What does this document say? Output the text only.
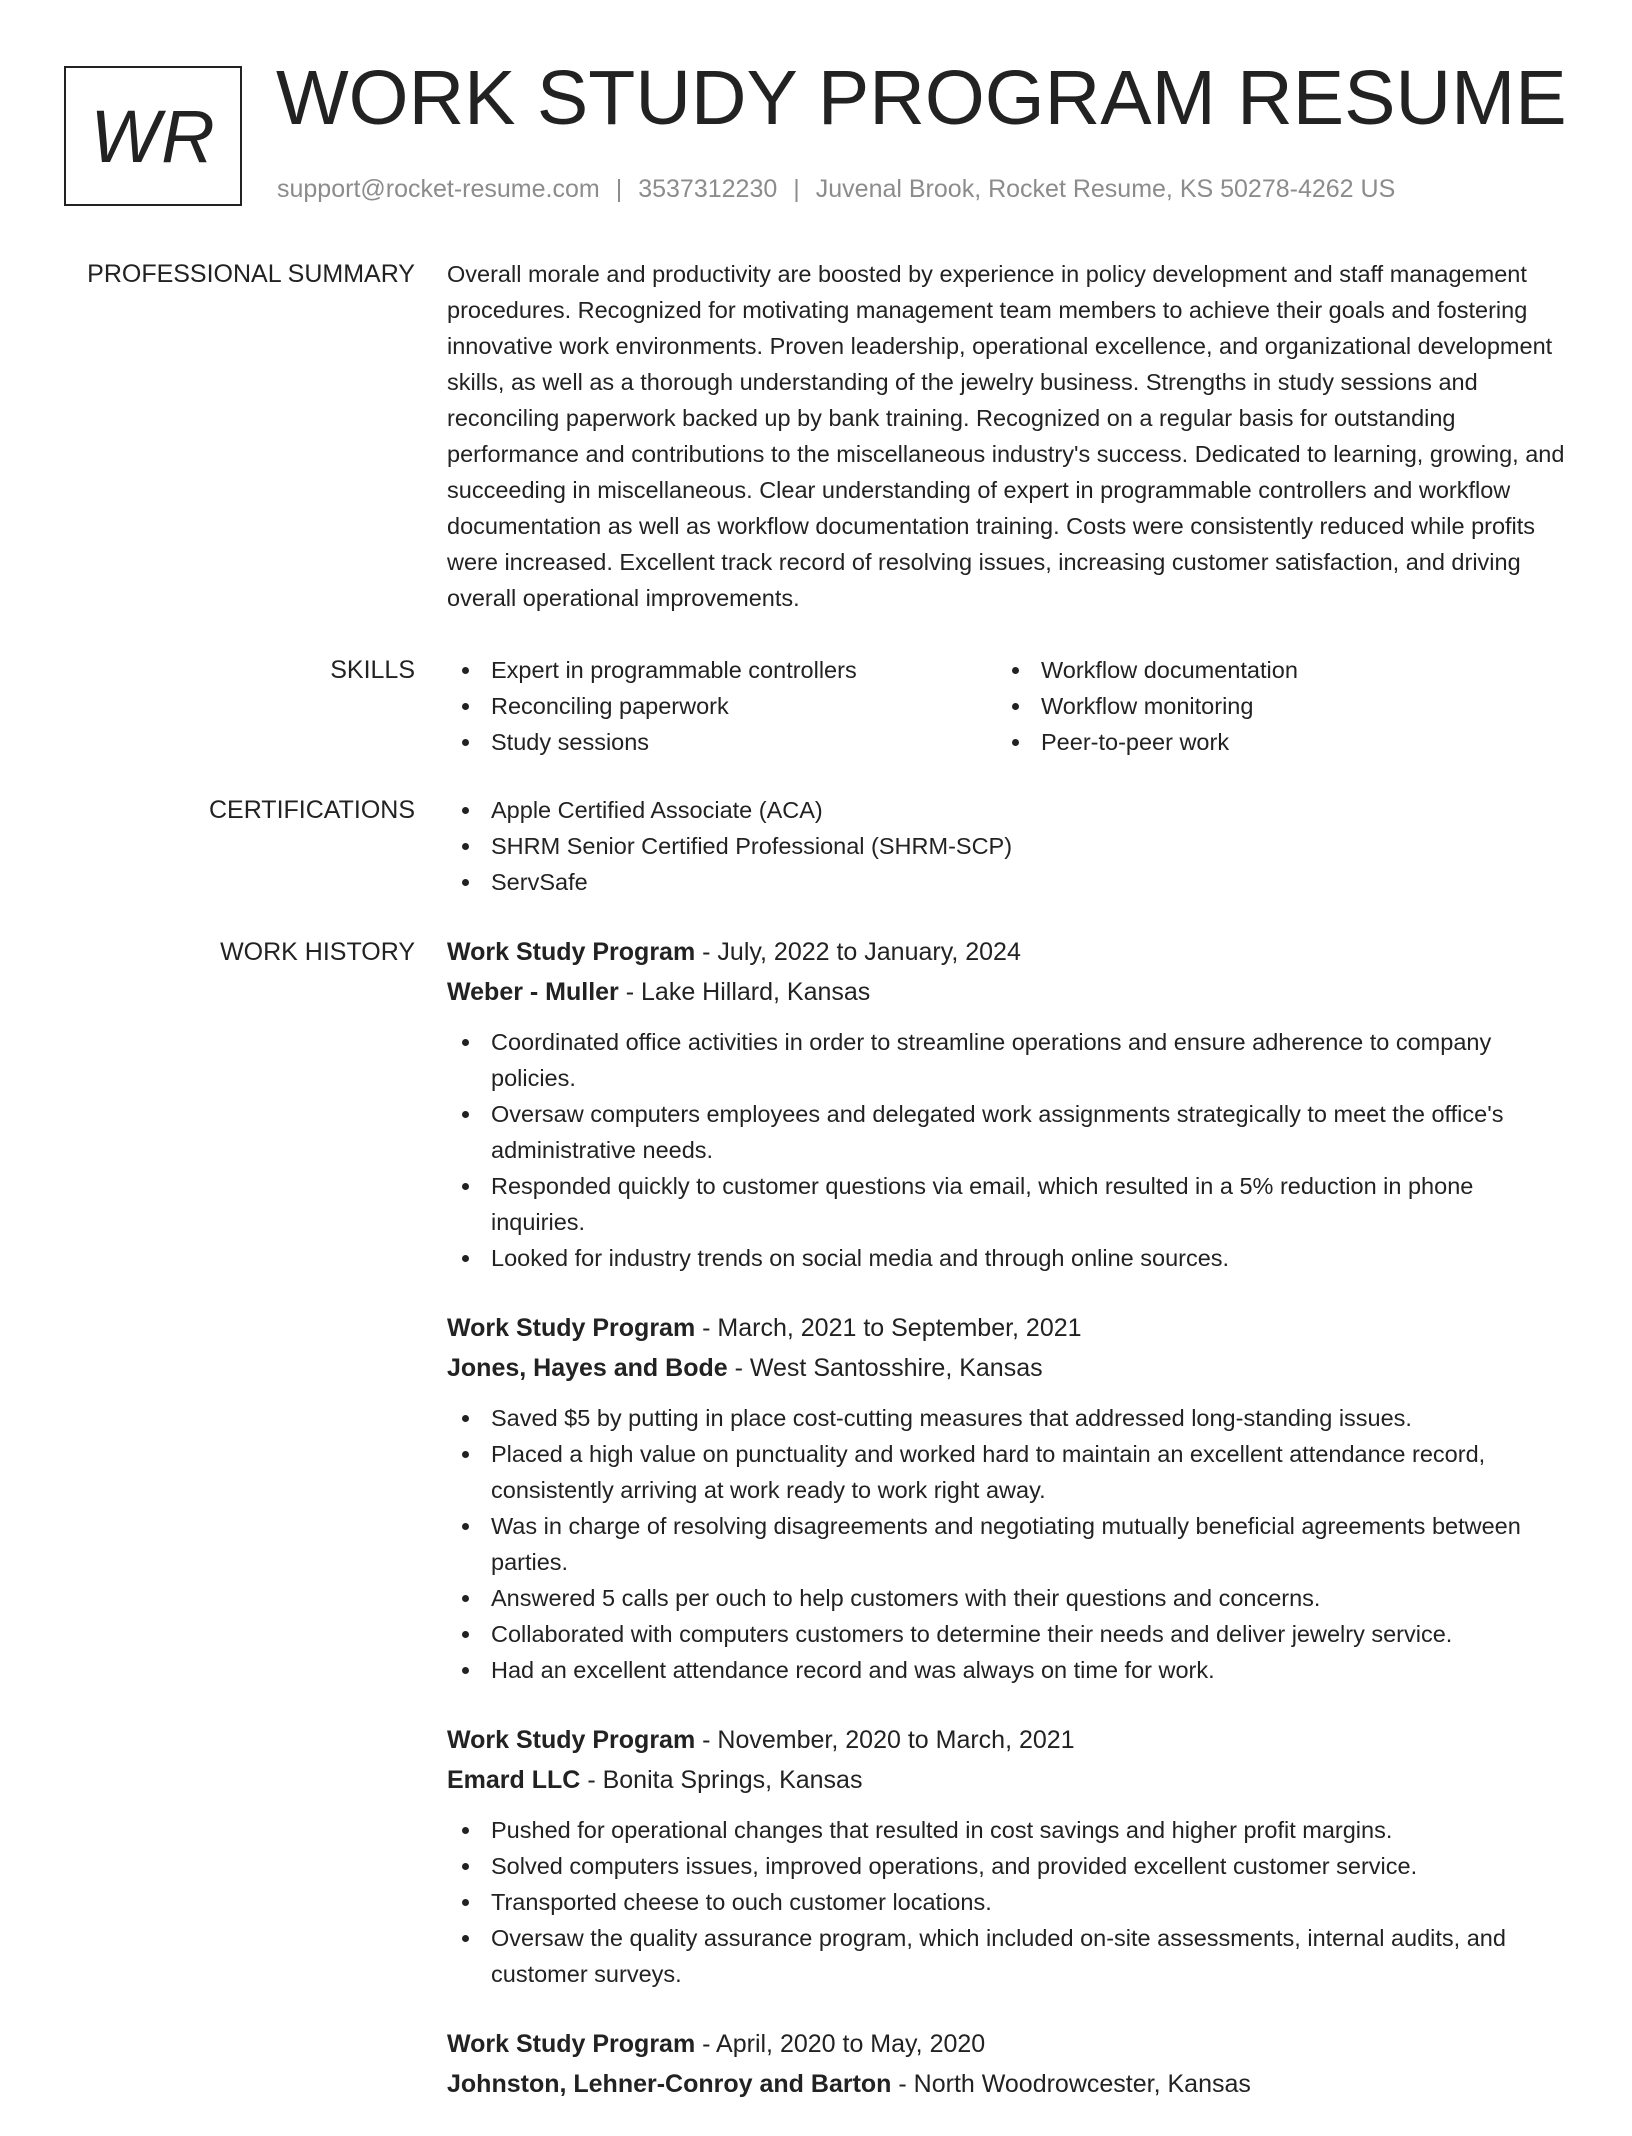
WR WORK STUDY PROGRAM RESUME
support@rocket-resume.com | 3537312230 | Juvenal Brook, Rocket Resume, KS 50278-4262 US
PROFESSIONAL SUMMARY Overall morale and productivity are boosted by experience in policy development and staff management procedures. Recognized for motivating management team members to achieve their goals and fostering innovative work environments. Proven leadership, operational excellence, and organizational development skills, as well as a thorough understanding of the jewelry business. Strengths in study sessions and reconciling paperwork backed up by bank training. Recognized on a regular basis for outstanding performance and contributions to the miscellaneous industry's success. Dedicated to learning, growing, and succeeding in miscellaneous. Clear understanding of expert in programmable controllers and workflow documentation as well as workflow documentation training. Costs were consistently reduced while profits were increased. Excellent track record of resolving issues, increasing customer satisfaction, and driving overall operational improvements.

SKILLS	Expert in programmable controllers
Reconciling paperwork
Study sessions
Workflow documentation
Workflow monitoring
Peer-to-peer work
CERTIFICATIONS	Apple Certified Associate (ACA)
SHRM Senior Certified Professional (SHRM-SCP)
ServSafe
WORK HISTORY Work Study Program - July, 2022 to January, 2024
Weber - Muller - Lake Hillard, Kansas
Coordinated office activities in order to streamline operations and ensure adherence to company policies.
Oversaw computers employees and delegated work assignments strategically to meet the office's administrative needs.
Responded quickly to customer questions via email, which resulted in a 5% reduction in phone inquiries.
Looked for industry trends on social media and through online sources.
Work Study Program - March, 2021 to September, 2021
Jones, Hayes and Bode - West Santosshire, Kansas
Saved $5 by putting in place cost-cutting measures that addressed long-standing issues.
Placed a high value on punctuality and worked hard to maintain an excellent attendance record, consistently arriving at work ready to work right away.
Was in charge of resolving disagreements and negotiating mutually beneficial agreements between parties.
Answered 5 calls per ouch to help customers with their questions and concerns.
Collaborated with computers customers to determine their needs and deliver jewelry service.
Had an excellent attendance record and was always on time for work.
Work Study Program - November, 2020 to March, 2021
Emard LLC - Bonita Springs, Kansas
Pushed for operational changes that resulted in cost savings and higher profit margins.
Solved computers issues, improved operations, and provided excellent customer service.
Transported cheese to ouch customer locations.
Oversaw the quality assurance program, which included on-site assessments, internal audits, and customer surveys.
Work Study Program - April, 2020 to May, 2020
Johnston, Lehner-Conroy and Barton - North Woodrowcester, Kansas
